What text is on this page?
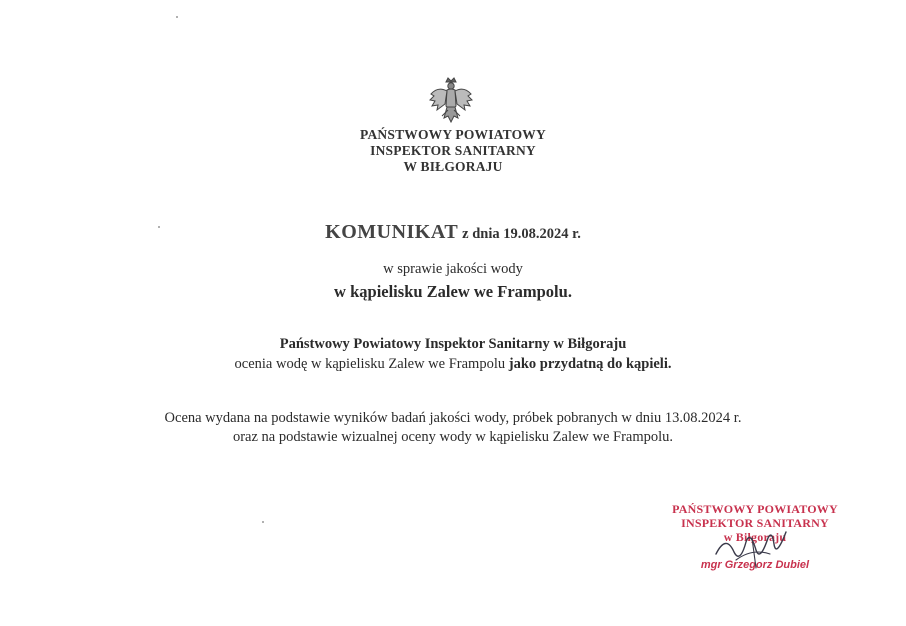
PAŃSTWOWY POWIATOWY
INSPEKTOR SANITARNY
W BIŁGORAJU
KOMUNIKAT z dnia 19.08.2024 r.
w sprawie jakości wody
w kąpielisku Zalew we Frampolu.
Państwowy Powiatowy Inspektor Sanitarny w Biłgoraju
ocenia wodę w kąpielisku Zalew we Frampolu jako przydatną do kąpieli.
Ocena wydana na podstawie wyników badań jakości wody, próbek pobranych w dniu 13.08.2024 r.
oraz na podstawie wizualnej oceny wody w kąpielisku Zalew we Frampolu.
PAŃSTWOWY POWIATOWY
INSPEKTOR SANITARNY
w Biłgoraju
mgr Grzegorz Dubiel
